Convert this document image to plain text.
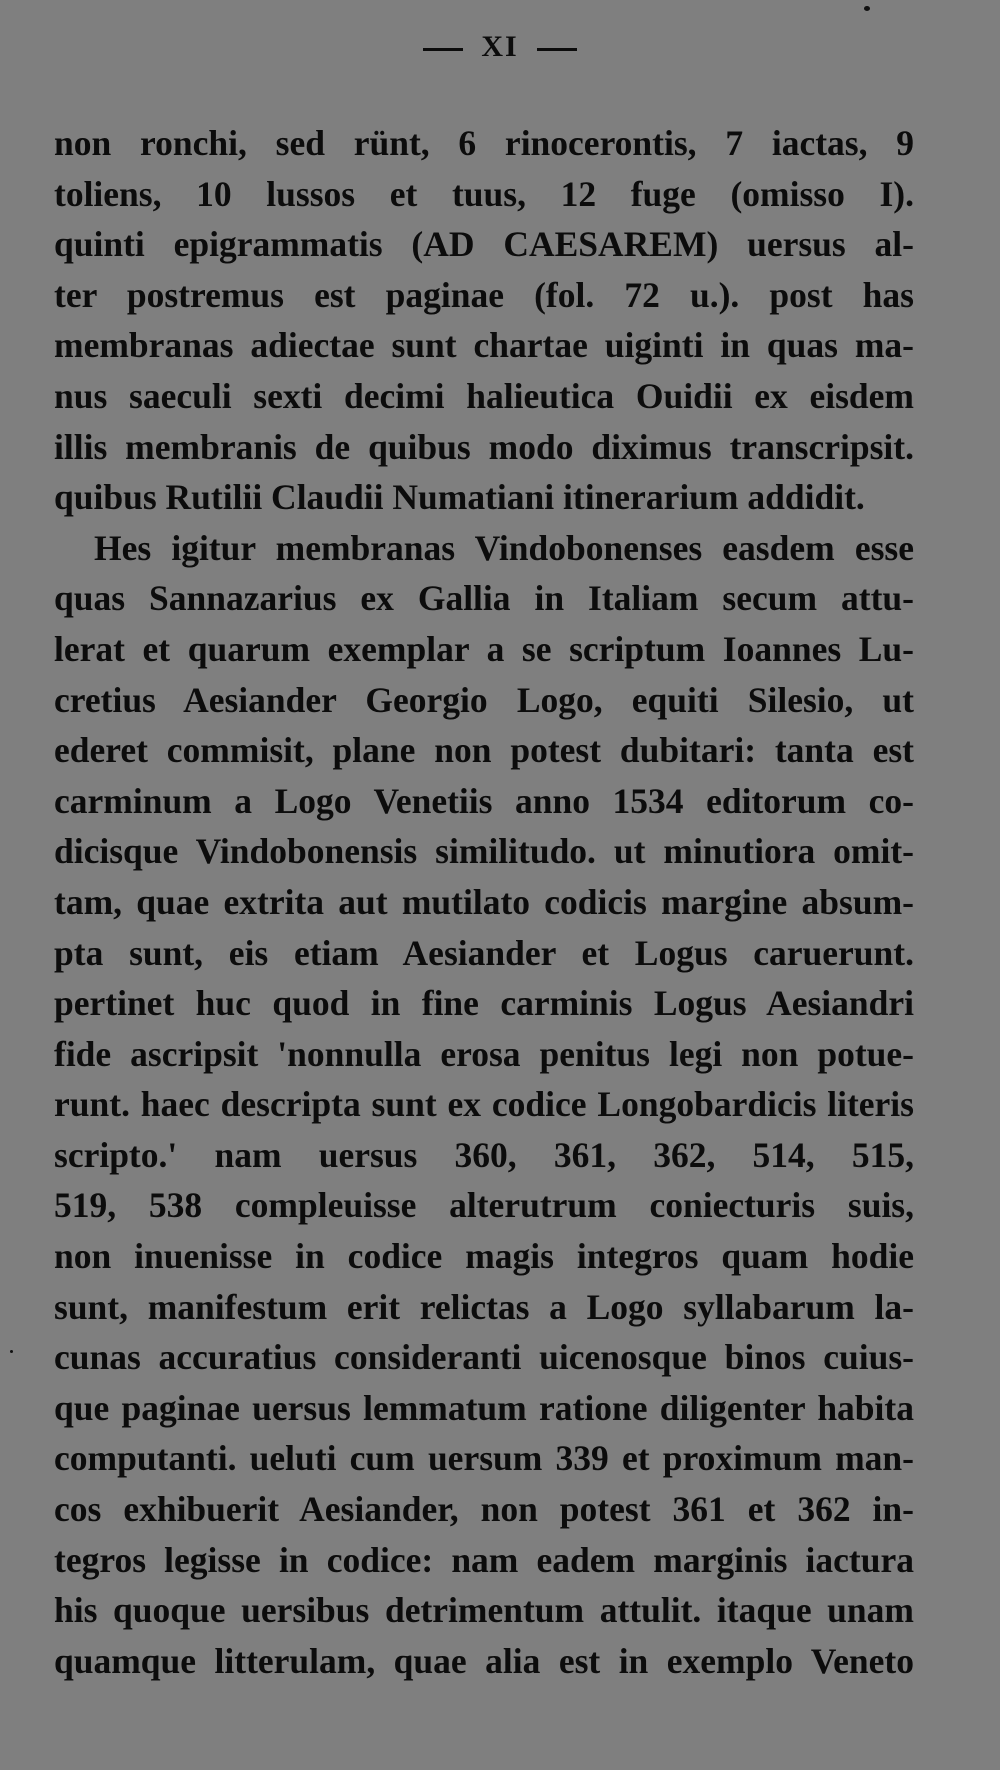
XI
non ronchi, sed rünt, 6 rinocerontis, 7 iactas, 9
toliens, 10 lussos et tuus, 12 fuge (omisso I).
quinti epigrammatis (AD CAESAREM) uersus al-
ter postremus est paginae (fol. 72 u.). post has
membranas adiectae sunt chartae uiginti in quas ma-
nus saeculi sexti decimi halieutica Ouidii ex eisdem
illis membranis de quibus modo diximus transcripsit.
quibus Rutilii Claudii Numatiani itinerarium addidit.
Hes igitur membranas Vindobonenses easdem esse
quas Sannazarius ex Gallia in Italiam secum attu-
lerat et quarum exemplar a se scriptum Ioannes Lu-
cretius Aesiander Georgio Logo, equiti Silesio, ut
ederet commisit, plane non potest dubitari: tanta est
carminum a Logo Venetiis anno 1534 editorum co-
dicisque Vindobonensis similitudo. ut minutiora omit-
tam, quae extrita aut mutilato codicis margine absum-
pta sunt, eis etiam Aesiander et Logus caruerunt.
pertinet huc quod in fine carminis Logus Aesiandri
fide ascripsit 'nonnulla erosa penitus legi non potue-
runt. haec descripta sunt ex codice Longobardicis literis
scripto.' nam uersus 360, 361, 362, 514, 515,
519, 538 compleuisse alterutrum coniecturis suis,
non inuenisse in codice magis integros quam hodie
sunt, manifestum erit relictas a Logo syllabarum la-
cunas accuratius consideranti uicenosque binos cuius-
que paginae uersus lemmatum ratione diligenter habita
computanti. ueluti cum uersum 339 et proximum man-
cos exhibuerit Aesiander, non potest 361 et 362 in-
tegros legisse in codice: nam eadem marginis iactura
his quoque uersibus detrimentum attulit. itaque unam
quamque litterulam, quae alia est in exemplo Veneto
